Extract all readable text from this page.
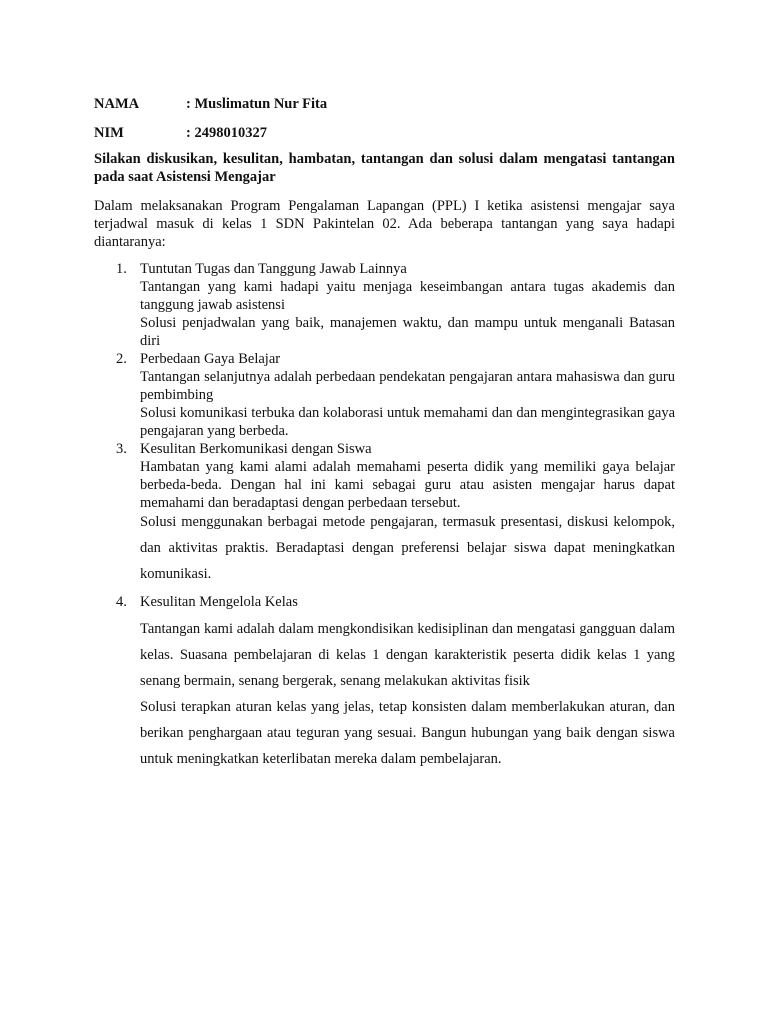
NAMA	: Muslimatun Nur Fita
NIM	: 2498010327
Silakan diskusikan, kesulitan, hambatan, tantangan dan solusi dalam mengatasi tantangan pada saat Asistensi Mengajar
Dalam melaksanakan Program Pengalaman Lapangan (PPL) I ketika asistensi mengajar saya terjadwal masuk di kelas 1 SDN Pakintelan 02. Ada beberapa tantangan yang saya hadapi diantaranya:
1. Tuntutan Tugas dan Tanggung Jawab Lainnya

Tantangan yang kami hadapi yaitu menjaga keseimbangan antara tugas akademis dan tanggung jawab asistensi

Solusi penjadwalan yang baik, manajemen waktu, dan mampu untuk menganali Batasan diri

2. Perbedaan Gaya Belajar

Tantangan selanjutnya adalah perbedaan pendekatan pengajaran antara mahasiswa dan guru pembimbing

Solusi komunikasi terbuka dan kolaborasi untuk memahami dan dan mengintegrasikan gaya pengajaran yang berbeda.

3. Kesulitan Berkomunikasi dengan Siswa

Hambatan yang kami alami adalah memahami peserta didik yang memiliki gaya belajar berbeda-beda. Dengan hal ini kami sebagai guru atau asisten mengajar harus dapat memahami dan beradaptasi dengan perbedaan tersebut.

Solusi menggunakan berbagai metode pengajaran, termasuk presentasi, diskusi kelompok, dan aktivitas praktis. Beradaptasi dengan preferensi belajar siswa dapat meningkatkan komunikasi.

4. Kesulitan Mengelola Kelas

Tantangan kami adalah dalam mengkondisikan kedisiplinan dan mengatasi gangguan dalam kelas. Suasana pembelajaran di kelas 1 dengan karakteristik peserta didik kelas 1 yang senang bermain, senang bergerak, senang melakukan aktivitas fisik

Solusi terapkan aturan kelas yang jelas, tetap konsisten dalam memberlakukan aturan, dan berikan penghargaan atau teguran yang sesuai. Bangun hubungan yang baik dengan siswa untuk meningkatkan keterlibatan mereka dalam pembelajaran.
